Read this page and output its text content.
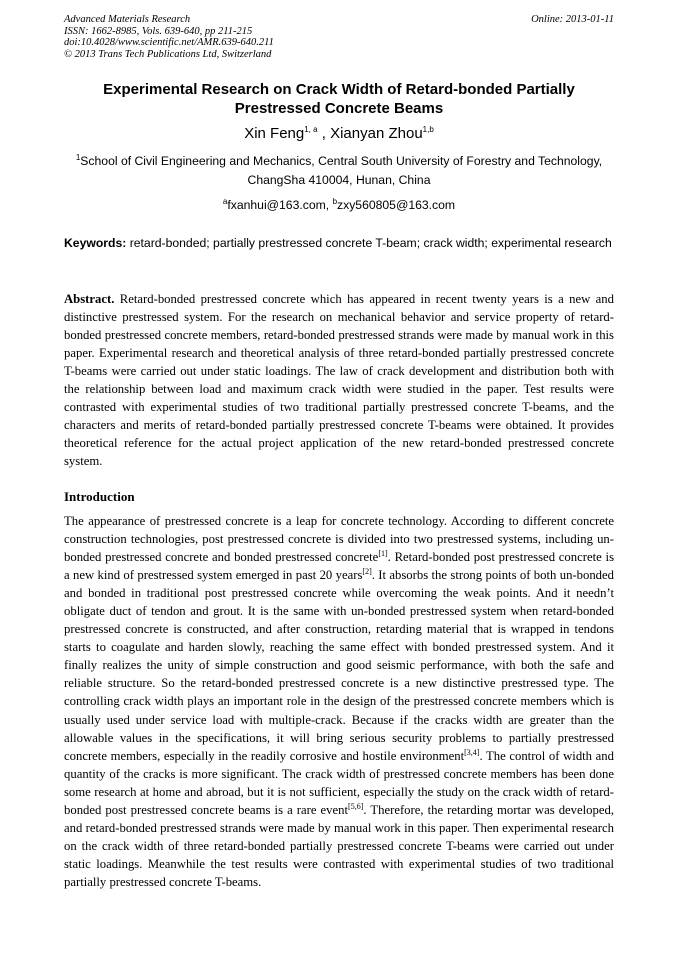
Advanced Materials Research
ISSN: 1662-8985, Vols. 639-640, pp 211-215
doi:10.4028/www.scientific.net/AMR.639-640.211
© 2013 Trans Tech Publications Ltd, Switzerland
Online: 2013-01-11
Experimental Research on Crack Width of Retard-bonded Partially
Prestressed Concrete Beams
Xin Feng$^{1, a}$ , Xianyan Zhou$^{1,b}$
$^1$School of Civil Engineering and Mechanics, Central South University of Forestry and Technology,
ChangSha 410004, Hunan, China
$^a$fxanhui@163.com, $^b$zxy560805@163.com
Keywords: retard-bonded; partially prestressed concrete T-beam; crack width; experimental research

Abstract. Retard-bonded prestressed concrete which has appeared in recent twenty years is a new and distinctive prestressed system. For the research on mechanical behavior and service property of retard-bonded prestressed concrete members, retard-bonded prestressed strands were made by manual work in this paper. Experimental research and theoretical analysis of three retard-bonded partially prestressed concrete T-beams were carried out under static loadings. The law of crack development and distribution both with the relationship between load and maximum crack width were studied in the paper. Test results were contrasted with experimental studies of two traditional partially prestressed concrete T-beams, and the characters and merits of retard-bonded partially prestressed concrete T-beams were obtained. It provides theoretical reference for the actual project application of the new retard-bonded prestressed concrete system.

Introduction

The appearance of prestressed concrete is a leap for concrete technology. According to different concrete construction technologies, post prestressed concrete is divided into two prestressed systems, including un-bonded prestressed concrete and bonded prestressed concrete[1]. Retard-bonded post prestressed concrete is a new kind of prestressed system emerged in past 20 years[2]. It absorbs the strong points of both un-bonded and bonded in traditional post prestressed concrete while overcoming the weak points. And it needn’t obligate duct of tendon and grout. It is the same with un-bonded prestressed system when retard-bonded prestressed concrete is constructed, and after construction, retarding material that is wrapped in tendons starts to coagulate and harden slowly, reaching the same effect with bonded prestressed system. And it finally realizes the unity of simple construction and good seismic performance, with both the safe and reliable structure. So the retard-bonded prestressed concrete is a new distinctive prestressed type. The controlling crack width plays an important role in the design of the prestressed concrete members which is usually used under service load with multiple-crack. Because if the cracks width are greater than the allowable values in the specifications, it will bring serious security problems to partially prestressed concrete members, especially in the readily corrosive and hostile environment[3,4]. The control of width and quantity of the cracks is more significant. The crack width of prestressed concrete members has been done some research at home and abroad, but it is not sufficient, especially the study on the crack width of retard-bonded post prestressed concrete beams is a rare event[5,6]. Therefore, the retarding mortar was developed, and retard-bonded prestressed strands were made by manual work in this paper. Then experimental research on the crack width of three retard-bonded partially prestressed concrete T-beams were carried out under static loadings. Meanwhile the test results were contrasted with experimental studies of two traditional partially prestressed concrete T-beams.
